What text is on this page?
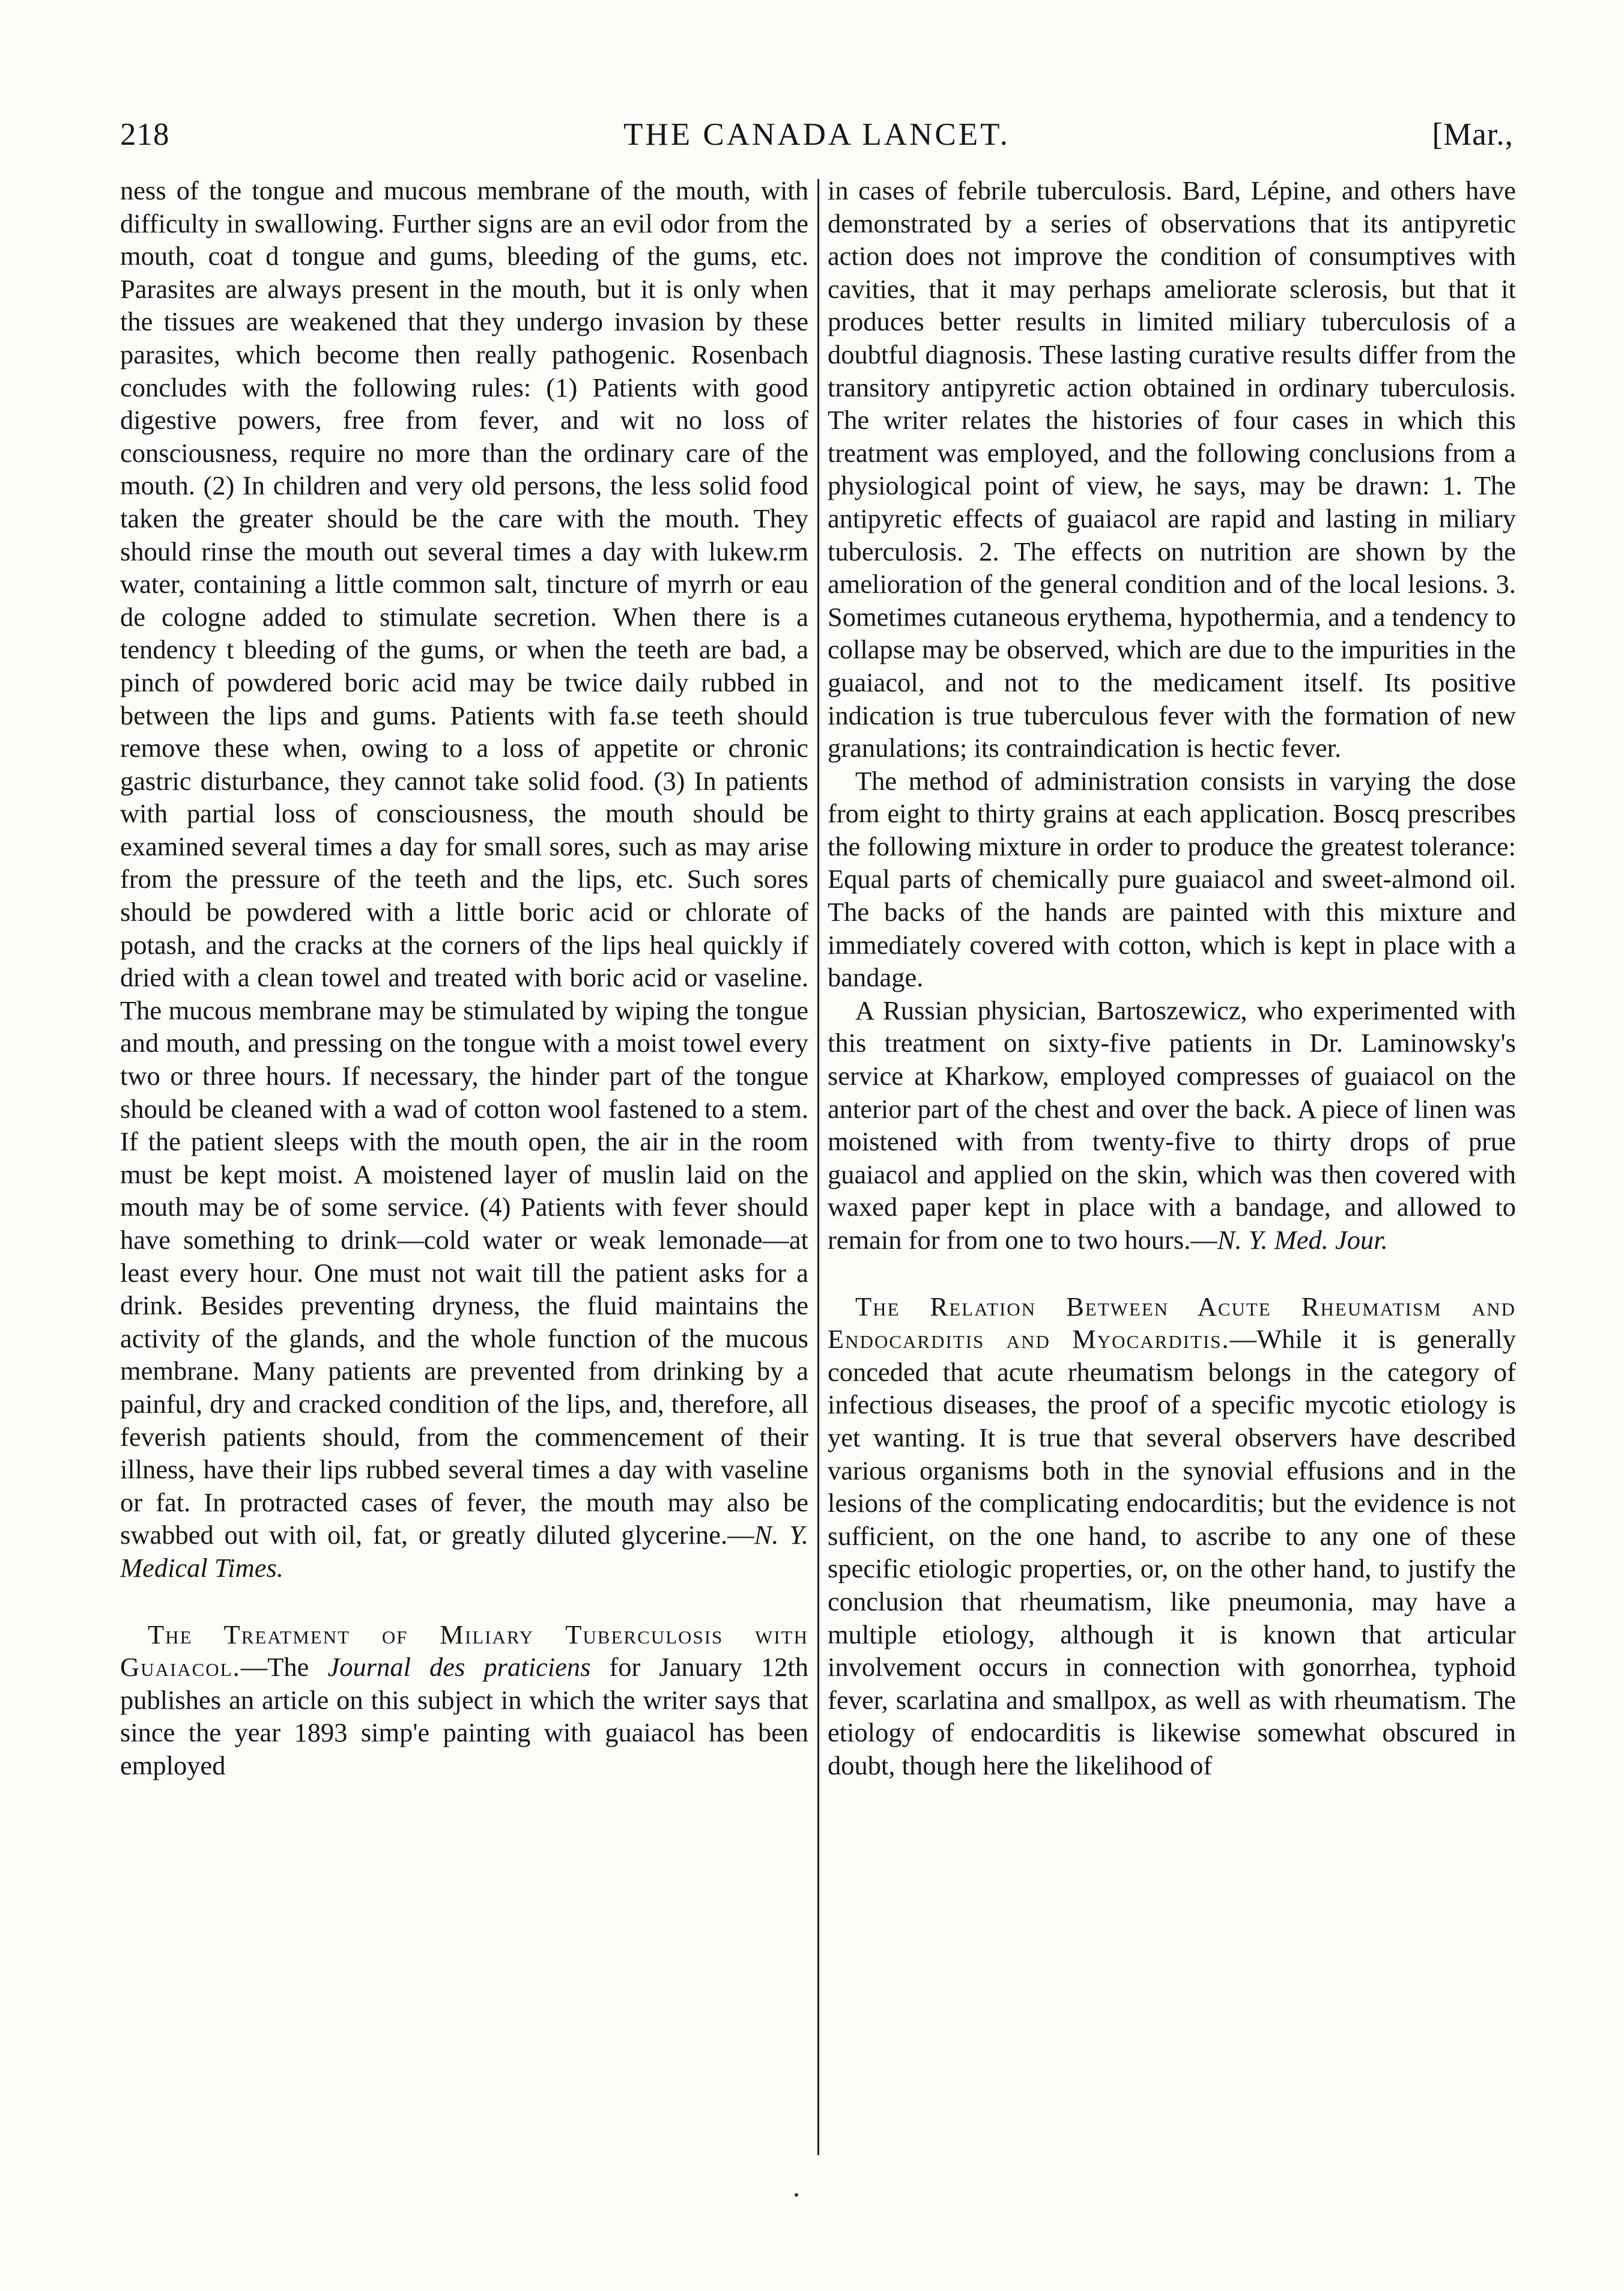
218	THE CANADA LANCET.	[Mar.,

ness of the tongue and mucous membrane of the mouth, with difficulty in swallowing. Further signs are an evil odor from the mouth, coat d tongue and gums, bleeding of the gums, etc. Parasites are always present in the mouth, but it is only when the tissues are weakened that they undergo invasion by these parasites, which become then really pathogenic. Rosenbach concludes with the following rules: (1) Patients with good digestive powers, free from fever, and wit no loss of consciousness, require no more than the ordinary care of the mouth. (2) In children and very old persons, the less solid food taken the greater should be the care with the mouth. They should rinse the mouth out several times a day with lukew.rm water, containing a little common salt, tincture of myrrh or eau de cologne added to stimulate secretion. When there is a tendency t bleeding of the gums, or when the teeth are bad, a pinch of powdered boric acid may be twice daily rubbed in between the lips and gums. Patients with fa.se teeth should remove these when, owing to a loss of appetite or chronic gastric disturbance, they cannot take solid food. (3) In patients with partial loss of consciousness, the mouth should be examined several times a day for small sores, such as may arise from the pressure of the teeth and the lips, etc. Such sores should be powdered with a little boric acid or chlorate of potash, and the cracks at the corners of the lips heal quickly if dried with a clean towel and treated with boric acid or vaseline. The mucous membrane may be stimulated by wiping the tongue and mouth, and pressing on the tongue with a moist towel every two or three hours. If necessary, the hinder part of the tongue should be cleaned with a wad of cotton wool fastened to a stem. If the patient sleeps with the mouth open, the air in the room must be kept moist. A moistened layer of muslin laid on the mouth may be of some service. (4) Patients with fever should have something to drink—cold water or weak lemonade—at least every hour. One must not wait till the patient asks for a drink. Besides preventing dryness, the fluid maintains the activity of the glands, and the whole function of the mucous membrane. Many patients are prevented from drinking by a painful, dry and cracked condition of the lips, and, therefore, all feverish patients should, from the commencement of their illness, have their lips rubbed several times a day with vaseline or fat. In protracted cases of fever, the mouth may also be swabbed out with oil, fat, or greatly diluted glycerine.—N. Y. Medical Times.

The Treatment of Miliary Tuberculosis with Guaiacol.—The Journal des praticiens for January 12th publishes an article on this subject in which the writer says that since the year 1893 simp'e painting with guaiacol has been employed

in cases of febrile tuberculosis. Bard, Lépine, and others have demonstrated by a series of observations that its antipyretic action does not improve the condition of consumptives with cavities, that it may perhaps ameliorate sclerosis, but that it produces better results in limited miliary tuberculosis of a doubtful diagnosis. These lasting curative results differ from the transitory antipyretic action obtained in ordinary tuberculosis. The writer relates the histories of four cases in which this treatment was employed, and the following conclusions from a physiological point of view, he says, may be drawn: 1. The antipyretic effects of guaiacol are rapid and lasting in miliary tuberculosis. 2. The effects on nutrition are shown by the amelioration of the general condition and of the local lesions. 3. Sometimes cutaneous erythema, hypothermia, and a tendency to collapse may be observed, which are due to the impurities in the guaiacol, and not to the medicament itself. Its positive indication is true tuberculous fever with the formation of new granulations; its contraindication is hectic fever.

The method of administration consists in varying the dose from eight to thirty grains at each application. Boscq prescribes the following mixture in order to produce the greatest tolerance: Equal parts of chemically pure guaiacol and sweet-almond oil. The backs of the hands are painted with this mixture and immediately covered with cotton, which is kept in place with a bandage.

A Russian physician, Bartoszewicz, who experimented with this treatment on sixty-five patients in Dr. Laminowsky's service at Kharkow, employed compresses of guaiacol on the anterior part of the chest and over the back. A piece of linen was moistened with from twenty-five to thirty drops of prue guaiacol and applied on the skin, which was then covered with waxed paper kept in place with a bandage, and allowed to remain for from one to two hours.—N. Y. Med. Jour.

The Relation Between Acute Rheumatism and Endocarditis and Myocarditis.—While it is generally conceded that acute rheumatism belongs in the category of infectious diseases, the proof of a specific mycotic etiology is yet wanting. It is true that several observers have described various organisms both in the synovial effusions and in the lesions of the complicating endocarditis; but the evidence is not sufficient, on the one hand, to ascribe to any one of these specific etiologic properties, or, on the other hand, to justify the conclusion that rheumatism, like pneumonia, may have a multiple etiology, although it is known that articular involvement occurs in connection with gonorrhea, typhoid fever, scarlatina and smallpox, as well as with rheumatism. The etiology of endocarditis is likewise somewhat obscured in doubt, though here the likelihood of
